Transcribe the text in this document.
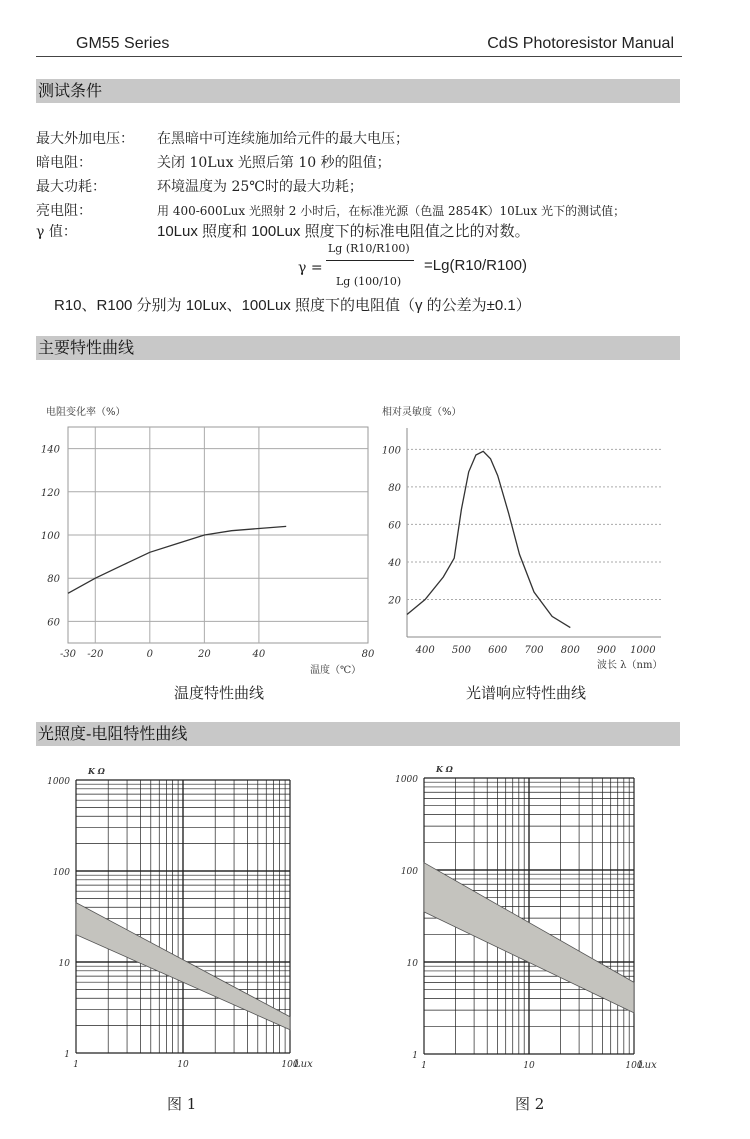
GM55 Series	CdS Photoresistor Manual
测试条件
最大外加电压： 在黑暗中可连续施加给元件的最大电压；
暗电阻：	关闭 10Lux 光照后第 10 秒的阻值；
最大功耗：	环境温度为 25℃时的最大功耗；
亮电阻：	用 400-600Lux 光照射 2 小时后，在标准光源（色温 2854K）10Lux 光下的测试值；
γ 值：	10Lux 照度和 100Lux 照度下的标准电阻值之比的对数。
γ =
Lg (R10/R100)
Lg (100/10)
=Lg(R10/R100)
R10、R100 分别为 10Lux、100Lux 照度下的电阻值（γ 的公差为±0.1）
主要特性曲线
-30 -20	0	20	40	80
60
80
100
120
140
电阻变化率（%）
温度（℃）
20
40
60
80
100
400 500 600 700 800 900 1000
相对灵敏度（%）
波长 λ（nm）
温度特性曲线	光谱响应特性曲线
光照度-电阻特性曲线
1
10
100
1000
1	10	100
K Ω
Lux
1
10
100
1000
1	10	100
K Ω
Lux
图 1	图 2
